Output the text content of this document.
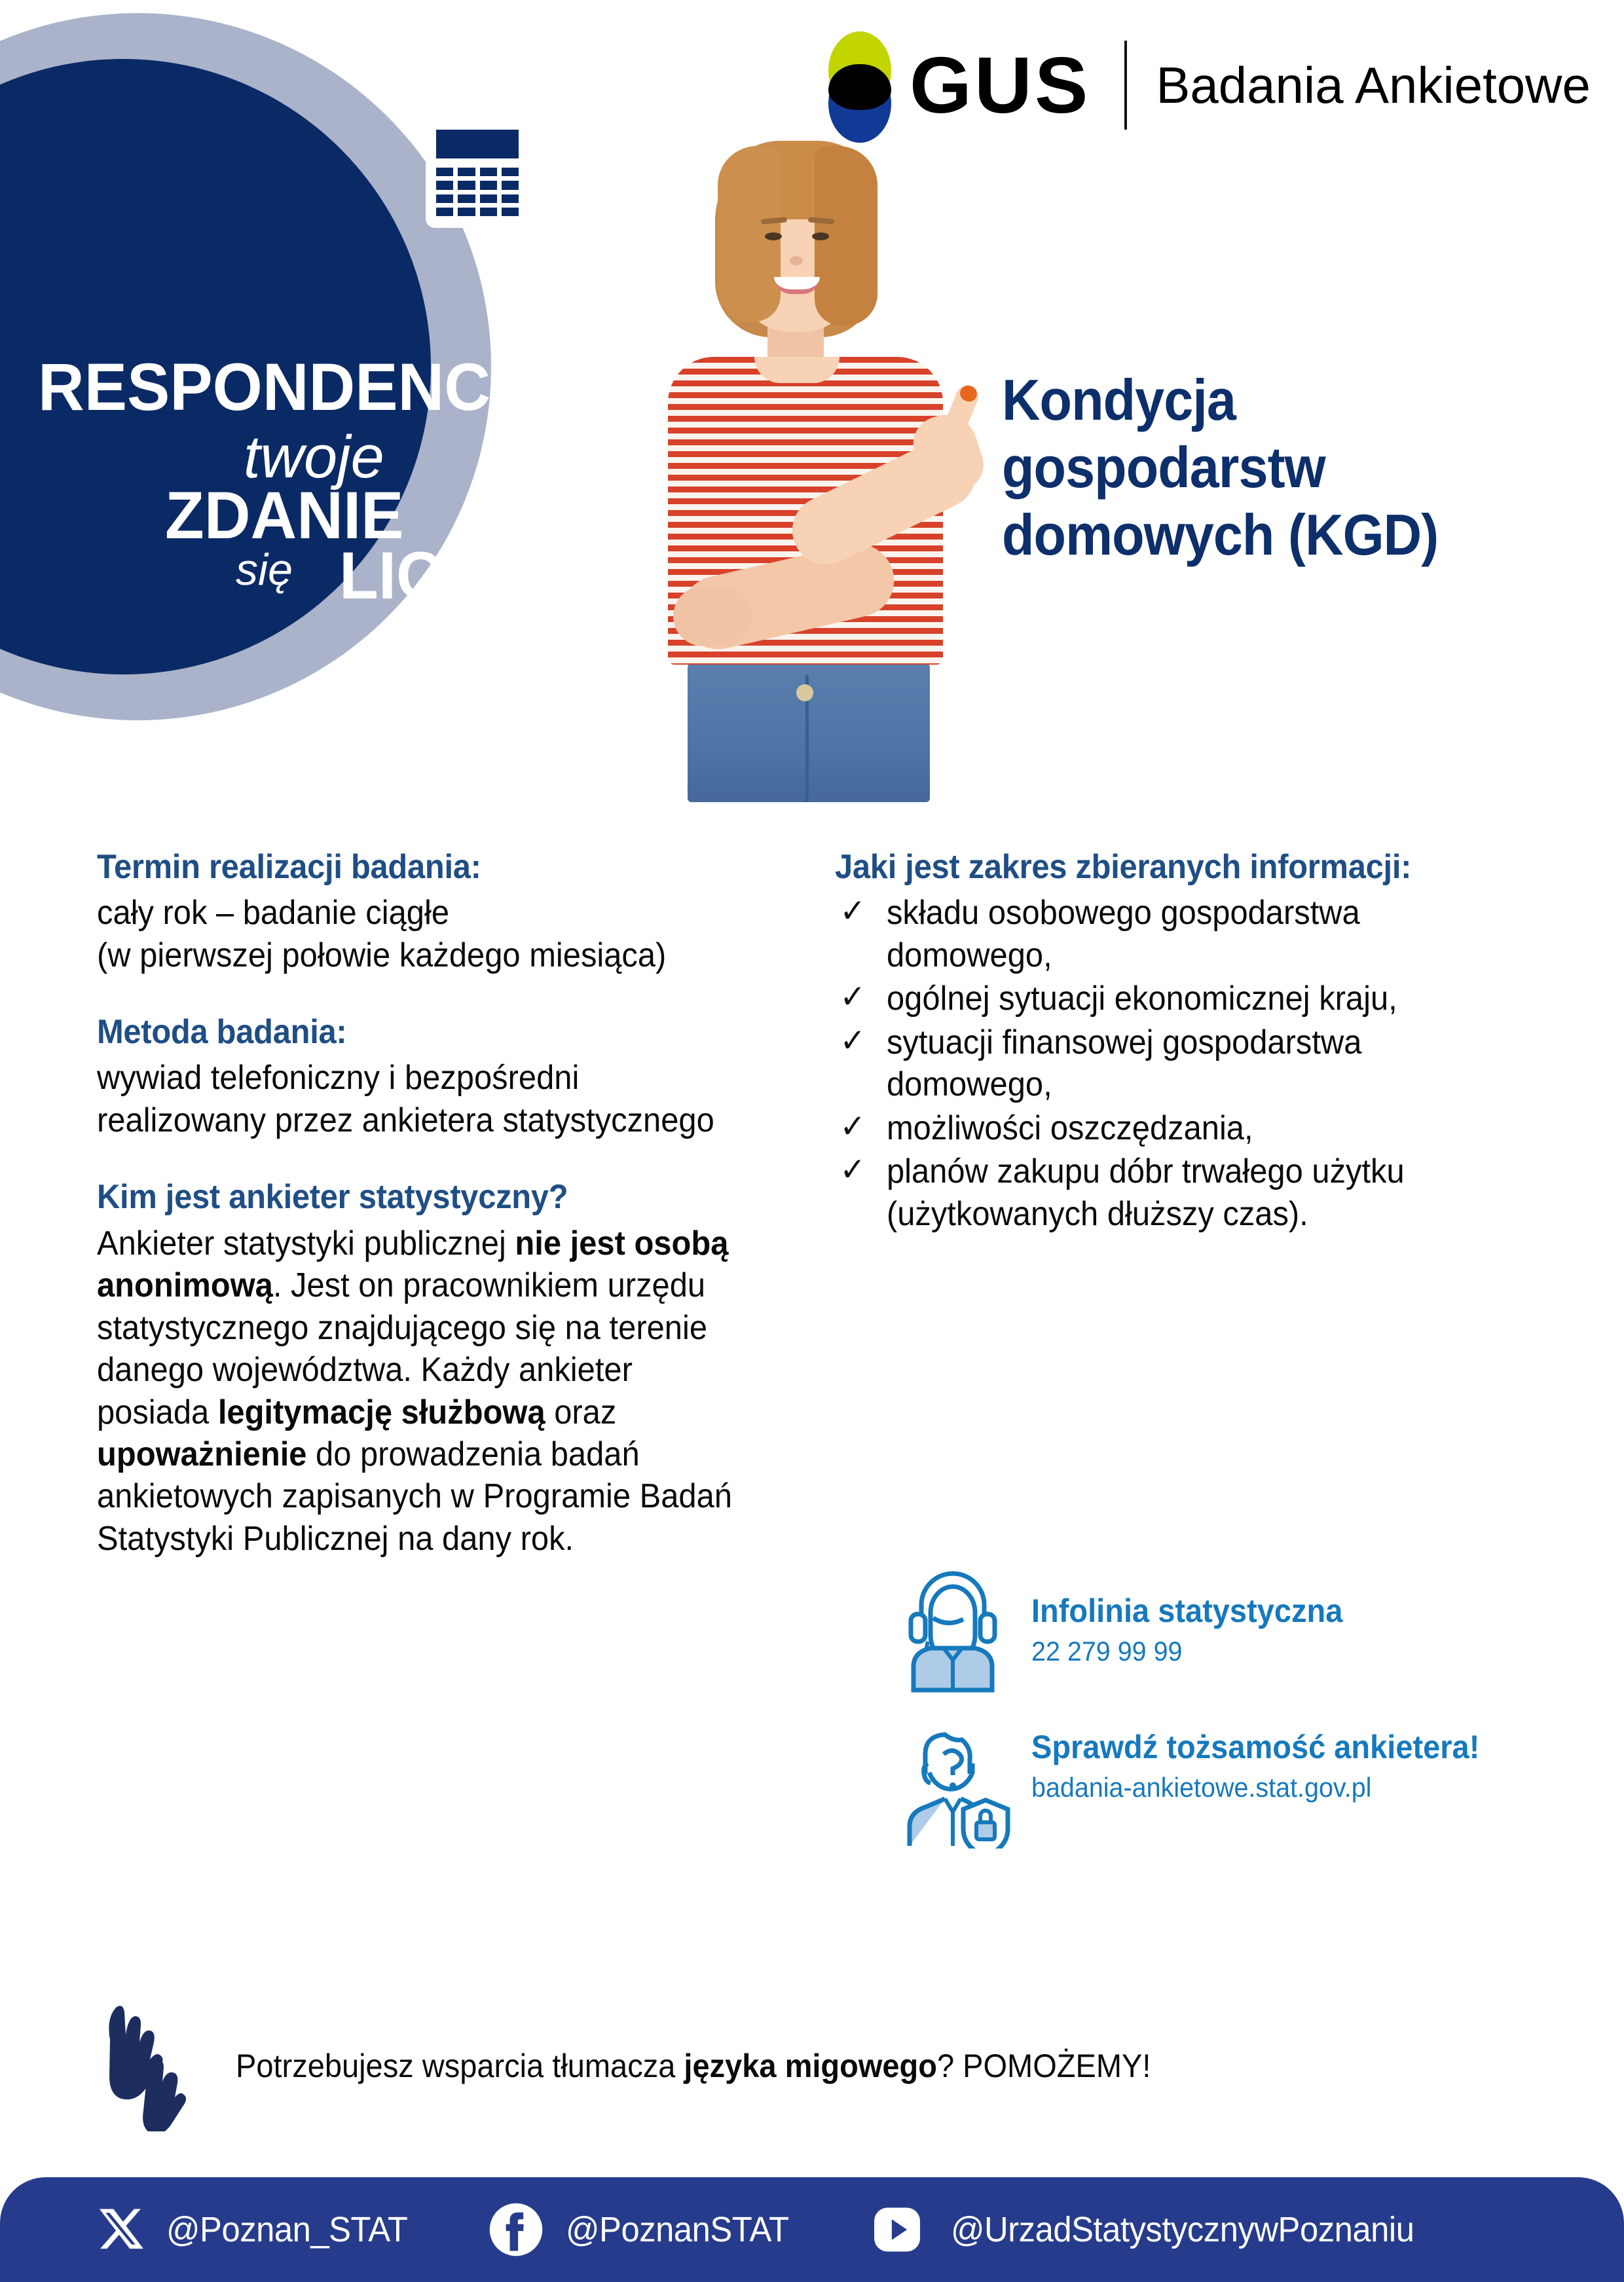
RESPONDENCIE
twoje
ZDANIE
się LICZY
GUS Badania Ankietowe
Kondycja gospodarstw domowych (KGD)
Termin realizacji badania:

cały rok – badanie ciągłe

(w pierwszej połowie każdego miesiąca)

Metoda badania:

wywiad telefoniczny i bezpośredni realizowany przez ankietera statystycznego

Kim jest ankieter statystyczny?

Ankieter statystyki publicznej nie jest osobą anonimową. Jest on pracownikiem urzędu statystycznego znajdującego się na terenie danego województwa. Każdy ankieter posiada legitymację służbową oraz upoważnienie do prowadzenia badań ankietowych zapisanych w Programie Badań Statystyki Publicznej na dany rok.

Jaki jest zakres zbieranych informacji:
✓ składu osobowego gospodarstwa domowego,
✓ ogólnej sytuacji ekonomicznej kraju,
✓ sytuacji finansowej gospodarstwa domowego,
✓ możliwości oszczędzania,
✓ planów zakupu dóbr trwałego użytku (użytkowanych dłuższy czas).
Infolinia statystyczna
22 279 99 99
Sprawdź tożsamość ankietera!
badania-ankietowe.stat.gov.pl
Potrzebujesz wsparcia tłumacza języka migowego? POMOŻEMY!
@Poznan_STAT	@PoznanSTAT	@UrzadStatystycznywPoznaniu
